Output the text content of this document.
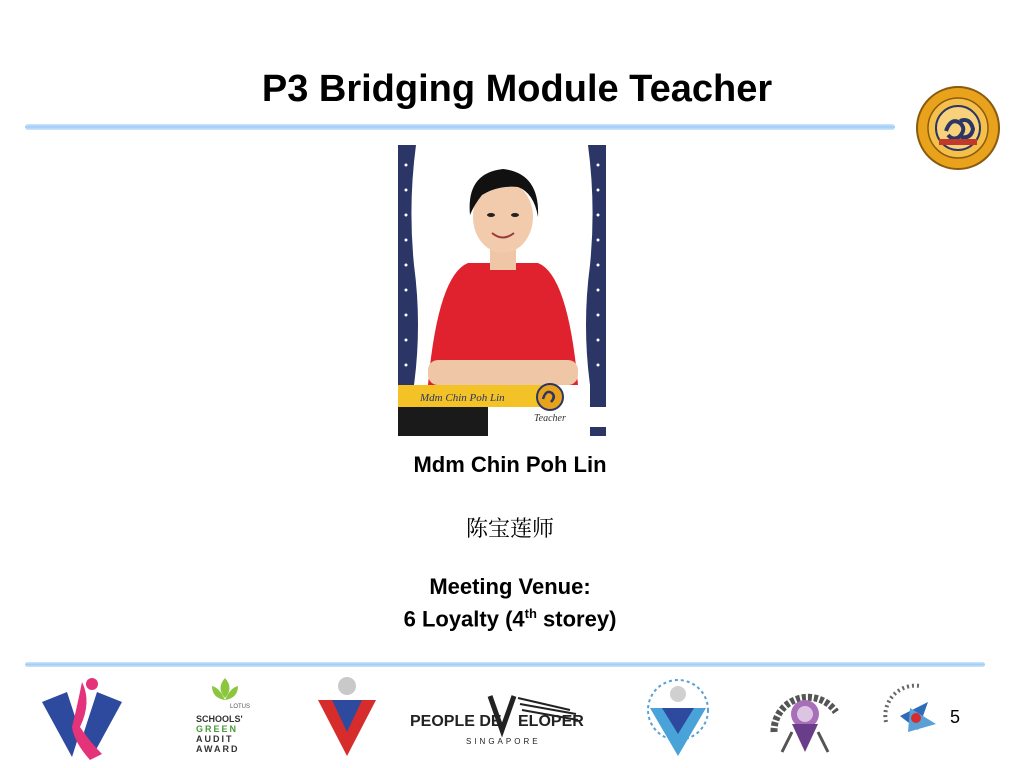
P3 Bridging Module Teacher
Mdm Chin Poh Lin
Teacher
Mdm Chin Poh Lin
陈宝莲师
Meeting Venue:
6 Loyalty (4th storey)
LOTUS
SCHOOLS'
GREEN
AUDIT
AWARD
PEOPLE DE ELOPER
SINGAPORE
5
